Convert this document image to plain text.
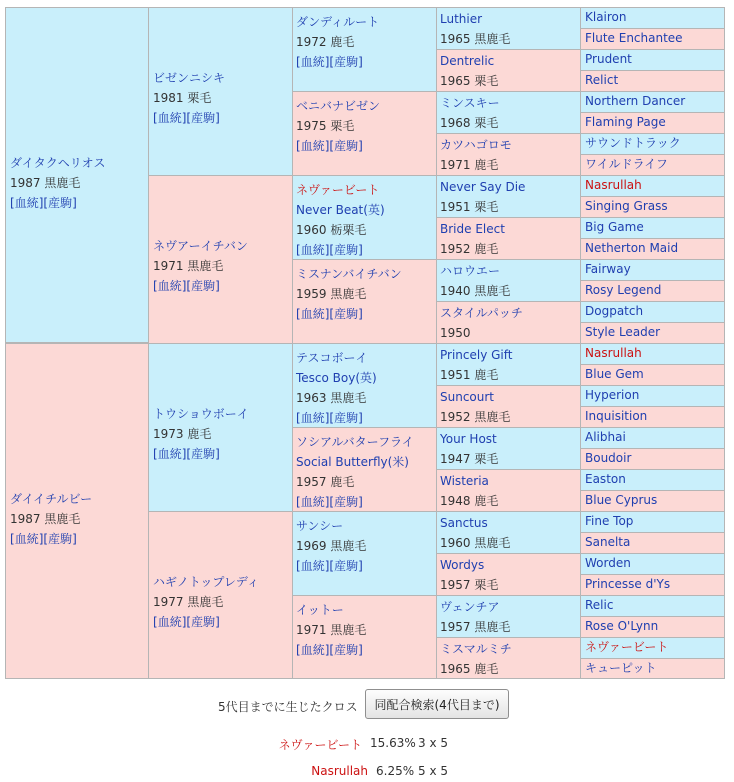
ダイタクヘリオス
1987 黒鹿毛
[血統][産駒]
ダイイチルビー
1987 黒鹿毛
[血統][産駒]
ビゼンニシキ
1981 栗毛
[血統][産駒]
ネヴアーイチバン
1971 黒鹿毛
[血統][産駒]
トウショウボーイ
1973 鹿毛
[血統][産駒]
ハギノトップレディ
1977 黒鹿毛
[血統][産駒]
ダンディルート
1972 鹿毛
[血統][産駒]
ベニバナビゼン
1975 栗毛
[血統][産駒]
ネヴァービート
Never Beat(英)
1960 栃栗毛
[血統][産駒]
ミスナンバイチバン
1959 黒鹿毛
[血統][産駒]
テスコボーイ
Tesco Boy(英)
1963 黒鹿毛
[血統][産駒]
ソシアルバターフライ
Social Butterfly(米)
1957 鹿毛
[血統][産駒]
サンシー
1969 黒鹿毛
[血統][産駒]
イットー
1971 黒鹿毛
[血統][産駒]
Luthier
1965 黒鹿毛
Dentrelic
1965 栗毛
ミンスキー
1968 栗毛
カツハゴロモ
1971 鹿毛
Never Say Die
1951 栗毛
Bride Elect
1952 鹿毛
ハロウエー
1940 黒鹿毛
スタイルパッチ
1950
Princely Gift
1951 鹿毛
Suncourt
1952 黒鹿毛
Your Host
1947 栗毛
Wisteria
1948 鹿毛
Sanctus
1960 黒鹿毛
Wordys
1957 栗毛
ヴェンチア
1957 黒鹿毛
ミスマルミチ
1965 鹿毛
Klairon
Flute Enchantee
Prudent
Relict
Northern Dancer
Flaming Page
サウンドトラック
ワイルドライフ
Nasrullah
Singing Grass
Big Game
Netherton Maid
Fairway
Rosy Legend
Dogpatch
Style Leader
Nasrullah
Blue Gem
Hyperion
Inquisition
Alibhai
Boudoir
Easton
Blue Cyprus
Fine Top
Sanelta
Worden
Princesse d'Ys
Relic
Rose O'Lynn
ネヴァービート
キューピット
5代目までに生じたクロス	同配合検索(4代目まで)
ネヴァービート 15.63% 3 x 5
Nasrullah 6.25% 5 x 5
